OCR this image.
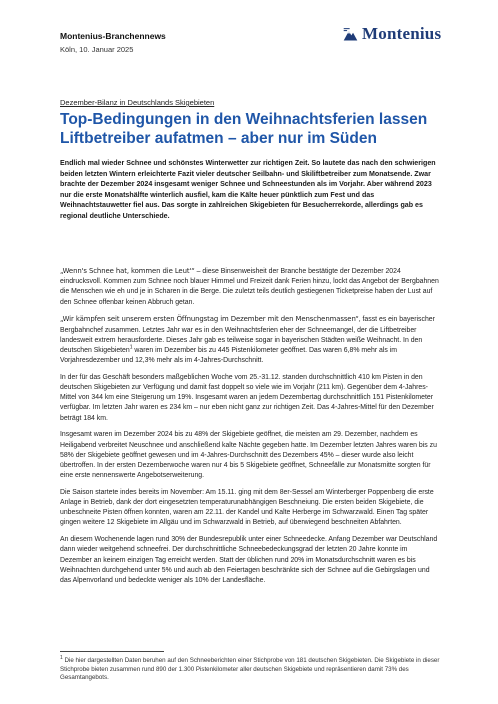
Montenius-Branchennews
Köln, 10. Januar 2025
Montenius
Dezember-Bilanz in Deutschlands Skigebieten
Top-Bedingungen in den Weihnachtsferien lassen Liftbetreiber aufatmen – aber nur im Süden

Endlich mal wieder Schnee und schönstes Winterwetter zur richtigen Zeit. So lautete das nach den schwierigen beiden letzten Wintern erleichterte Fazit vieler deutscher Seilbahn- und Skiliftbetreiber zum Monatsende. Zwar brachte der Dezember 2024 insgesamt weniger Schnee und Schneestunden als im Vorjahr. Aber während 2023 nur die erste Monatshälfte winterlich ausfiel, kam die Kälte heuer pünktlich zum Fest und das Weihnachtstauwetter fiel aus. Das sorgte in zahlreichen Skigebieten für Besucherrekorde, allerdings gab es regional deutliche Unterschiede.

„Wenn's Schnee hat, kommen die Leut'“ – diese Binsenweisheit der Branche bestätigte der Dezember 2024 eindrucksvoll. Kommen zum Schnee noch blauer Himmel und Freizeit dank Ferien hinzu, lockt das Angebot der Bergbahnen die Menschen wie eh und je in Scharen in die Berge. Die zuletzt teils deutlich gestiegenen Ticketpreise haben der Lust auf den Schnee offenbar keinen Abbruch getan.

„Wir kämpfen seit unserem ersten Öffnungstag im Dezember mit den Menschenmassen“, fasst es ein bayerischer Bergbahnchef zusammen. Letztes Jahr war es in den Weihnachtsferien eher der Schneemangel, der die Liftbetreiber landesweit extrem herausforderte. Dieses Jahr gab es teilweise sogar in bayerischen Städten weiße Weihnacht. In den deutschen Skigebieten$^1$ waren im Dezember bis zu 445 Pistenkilometer geöffnet. Das waren 6,8% mehr als im Vorjahresdezember und 12,3% mehr als im 4-Jahres-Durchschnitt.

In der für das Geschäft besonders maßgeblichen Woche vom 25.-31.12. standen durchschnittlich 410 km Pisten in den deutschen Skigebieten zur Verfügung und damit fast doppelt so viele wie im Vorjahr (211 km). Gegenüber dem 4-Jahres-Mittel von 344 km eine Steigerung um 19%. Insgesamt waren an jedem Dezembertag durchschnittlich 151 Pistenkilometer verfügbar. Im letzten Jahr waren es 234 km – nur eben nicht ganz zur richtigen Zeit. Das 4-Jahres-Mittel für den Dezember beträgt 184 km.

Insgesamt waren im Dezember 2024 bis zu 48% der Skigebiete geöffnet, die meisten am 29. Dezember, nachdem es Heiligabend verbreitet Neuschnee und anschließend kalte Nächte gegeben hatte. Im Dezember letzten Jahres waren bis zu 58% der Skigebiete geöffnet gewesen und im 4-Jahres-Durchschnitt des Dezembers 45% – dieser wurde also leicht übertroffen. In der ersten Dezemberwoche waren nur 4 bis 5 Skigebiete geöffnet, Schneefälle zur Monatsmitte sorgten für eine erste nennenswerte Angebotserweiterung.

Die Saison startete indes bereits im November: Am 15.11. ging mit dem 8er-Sessel am Winterberger Poppenberg die erste Anlage in Betrieb, dank der dort eingesetzten temperaturunabhängigen Beschneiung. Die ersten beiden Skigebiete, die unbeschneite Pisten öffnen konnten, waren am 22.11. der Kandel und Kalte Herberge im Schwarzwald. Einen Tag später gingen weitere 12 Skigebiete im Allgäu und im Schwarzwald in Betrieb, auf überwiegend beschneiten Abfahrten.

An diesem Wochenende lagen rund 30% der Bundesrepublik unter einer Schneedecke. Anfang Dezember war Deutschland dann wieder weitgehend schneefrei. Der durchschnittliche Schneebedeckungsgrad der letzten 20 Jahre konnte im Dezember an keinem einzigen Tag erreicht werden. Statt der üblichen rund 20% im Monatsdurchschnitt waren es bis Weihnachten durchgehend unter 5% und auch ab den Feiertagen beschränkte sich der Schnee auf die Gebirgslagen und das Alpenvorland und bedeckte weniger als 10% der Landesfläche.

$^1$ Die hier dargestellten Daten beruhen auf den Schneeberichten einer Stichprobe von 181 deutschen Skigebieten. Die Skigebiete in dieser Stichprobe bieten zusammen rund 890 der 1.300 Pistenkilometer aller deutschen Skigebiete und repräsentieren damit 73% des Gesamtangebots.
